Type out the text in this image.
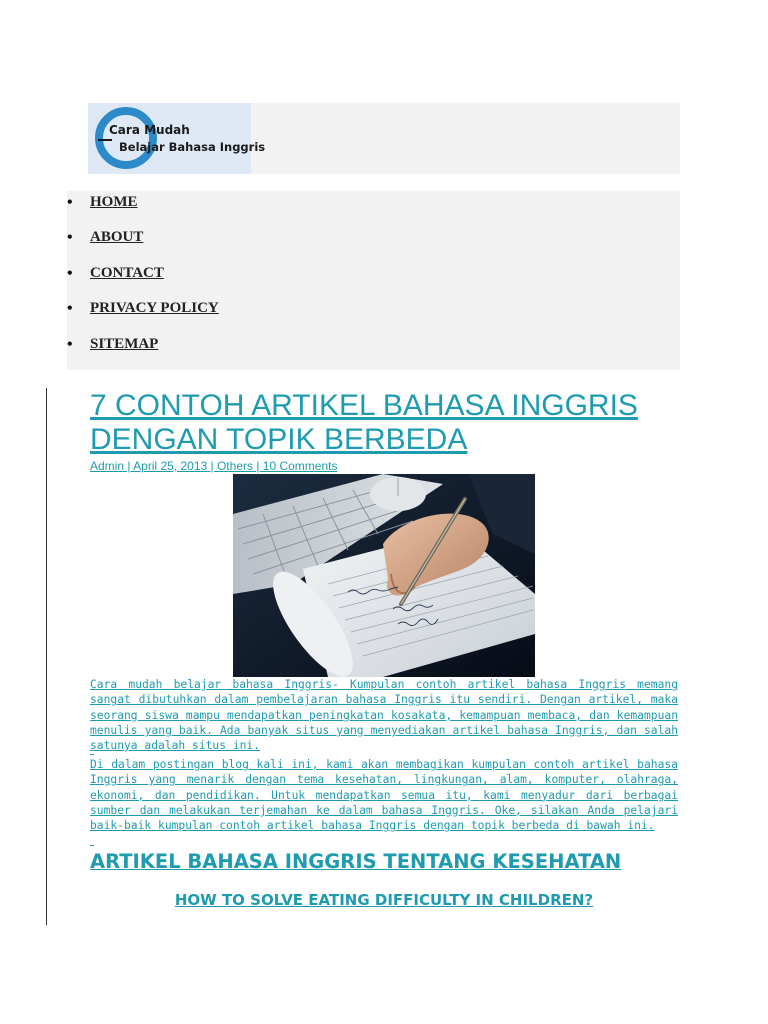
Cara Mudah
Belajar Bahasa Inggris
• HOME
• ABOUT
• CONTACT
• PRIVACY POLICY
• SITEMAP
7 CONTOH ARTIKEL BAHASA INGGRIS DENGAN TOPIK BERBEDA
Admin | April 25, 2013 | Others | 10 Comments

Cara mudah belajar bahasa Inggris- Kumpulan contoh artikel bahasa Inggris memang sangat dibutuhkan dalam pembelajaran bahasa Inggris itu sendiri. Dengan artikel, maka seorang siswa mampu mendapatkan peningkatan kosakata, kemampuan membaca, dan kemampuan menulis yang baik. Ada banyak situs yang menyediakan artikel bahasa Inggris, dan salah satunya adalah situs ini.

Di dalam postingan blog kali ini, kami akan membagikan kumpulan contoh artikel bahasa Inggris yang menarik dengan tema kesehatan, lingkungan, alam, komputer, olahraga, ekonomi, dan pendidikan. Untuk mendapatkan semua itu, kami menyadur dari berbagai sumber dan melakukan terjemahan ke dalam bahasa Inggris. Oke, silakan Anda pelajari baik-baik kumpulan contoh artikel bahasa Inggris dengan topik berbeda di bawah ini.

ARTIKEL BAHASA INGGRIS TENTANG KESEHATAN
HOW TO SOLVE EATING DIFFICULTY IN CHILDREN?
